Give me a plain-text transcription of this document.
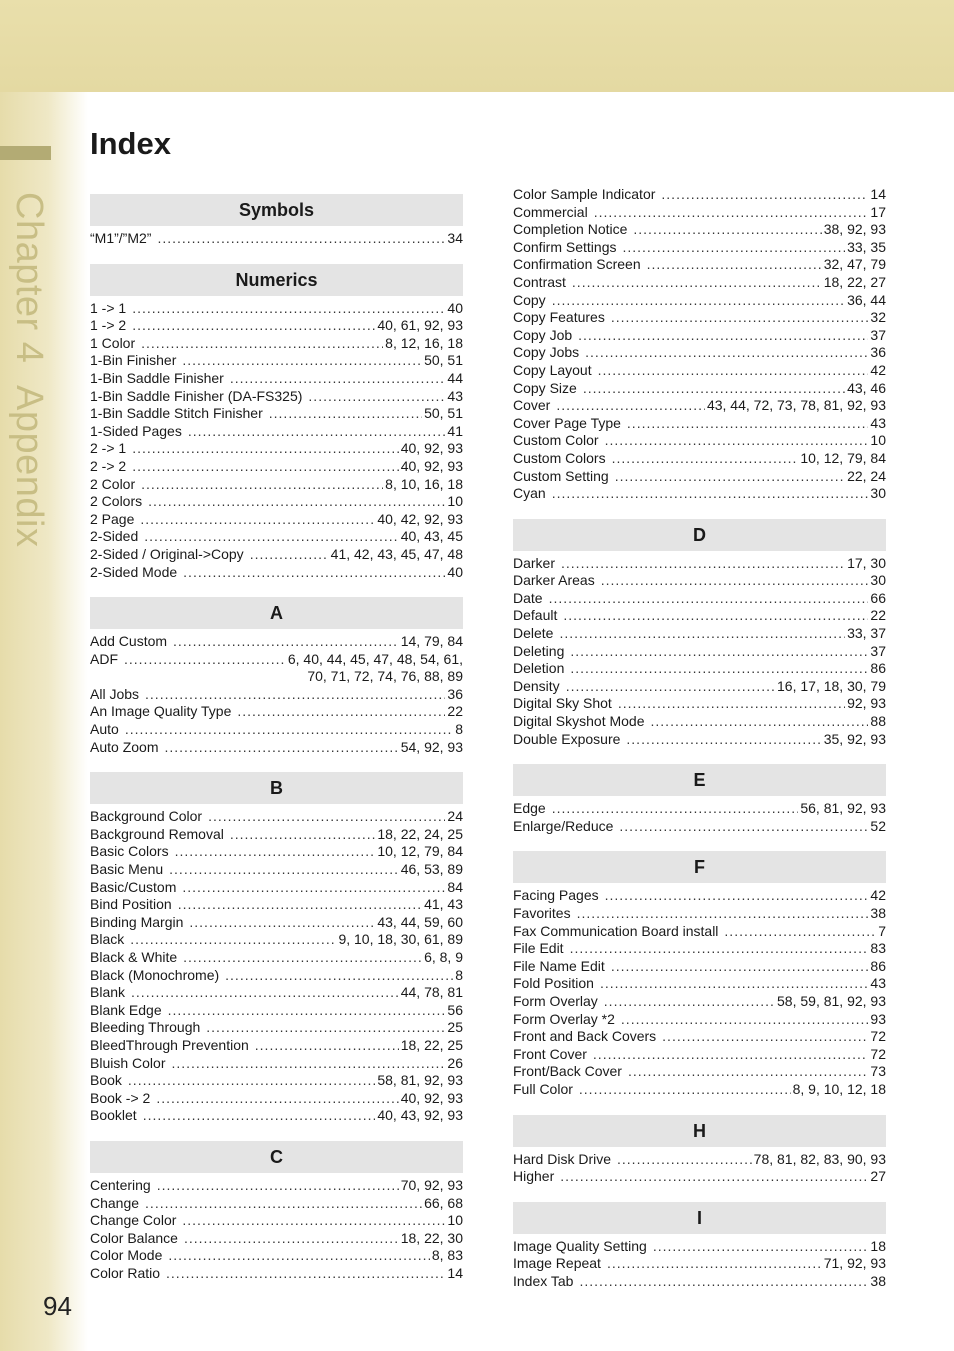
Chapter 4Appendix
Index
Symbols
“M1”/”M2” .....	34
Numerics
1 -> 1 .....	40
1 -> 2 .....	40, 61, 92, 93
1 Color .....	8, 12, 16, 18
1-Bin Finisher .....	50, 51
1-Bin Saddle Finisher .....	44
1-Bin Saddle Finisher (DA-FS325) .....	43
1-Bin Saddle Stitch Finisher .....	50, 51
1-Sided Pages .....	41
2 -> 1 .....	40, 92, 93
2 -> 2 .....	40, 92, 93
2 Color .....	8, 10, 16, 18
2 Colors .....	10
2 Page .....	40, 42, 92, 93
2-Sided .....	40, 43, 45
2-Sided / Original->Copy .....	41, 42, 43, 45, 47, 48
2-Sided Mode .....	40
A
Add Custom .....	14, 79, 84
ADF .....	6, 40, 44, 45, 47, 48, 54, 61,
70, 71, 72, 74, 76, 88, 89
All Jobs .....	36
An Image Quality Type .....	22
Auto .....	8
Auto Zoom .....	54, 92, 93
B
Background Color .....	24
Background Removal .....	18, 22, 24, 25
Basic Colors .....	10, 12, 79, 84
Basic Menu .....	46, 53, 89
Basic/Custom .....	84
Bind Position .....	41, 43
Binding Margin .....	43, 44, 59, 60
Black .....	9, 10, 18, 30, 61, 89
Black & White .....	6, 8, 9
Black (Monochrome) .....	8
Blank .....	44, 78, 81
Blank Edge .....	56
Bleeding Through .....	25
BleedThrough Prevention .....	18, 22, 25
Bluish Color .....	26
Book .....	58, 81, 92, 93
Book -> 2 .....	40, 92, 93
Booklet .....	40, 43, 92, 93
C
Centering .....	70, 92, 93
Change .....	66, 68
Change Color .....	10
Color Balance .....	18, 22, 30
Color Mode .....	8, 83
Color Ratio .....	14
Color Sample Indicator .....	14
Commercial .....	17
Completion Notice .....	38, 92, 93
Confirm Settings .....	33, 35
Confirmation Screen .....	32, 47, 79
Contrast .....	18, 22, 27
Copy .....	36, 44
Copy Features .....	32
Copy Job .....	37
Copy Jobs .....	36
Copy Layout .....	42
Copy Size .....	43, 46
Cover .....	43, 44, 72, 73, 78, 81, 92, 93
Cover Page Type .....	43
Custom Color .....	10
Custom Colors .....	10, 12, 79, 84
Custom Setting .....	22, 24
Cyan .....	30
D
Darker .....	17, 30
Darker Areas .....	30
Date .....	66
Default .....	22
Delete .....	33, 37
Deleting .....	37
Deletion .....	86
Density .....	16, 17, 18, 30, 79
Digital Sky Shot .....	92, 93
Digital Skyshot Mode .....	88
Double Exposure .....	35, 92, 93
E
Edge .....	56, 81, 92, 93
Enlarge/Reduce .....	52
F
Facing Pages .....	42
Favorites .....	38
Fax Communication Board install .....	7
File Edit .....	83
File Name Edit .....	86
Fold Position .....	43
Form Overlay .....	58, 59, 81, 92, 93
Form Overlay *2 .....	93
Front and Back Covers .....	72
Front Cover .....	72
Front/Back Cover .....	73
Full Color .....	8, 9, 10, 12, 18
H
Hard Disk Drive .....	78, 81, 82, 83, 90, 93
Higher .....	27
I
Image Quality Setting .....	18
Image Repeat .....	71, 92, 93
Index Tab .....	38
94
